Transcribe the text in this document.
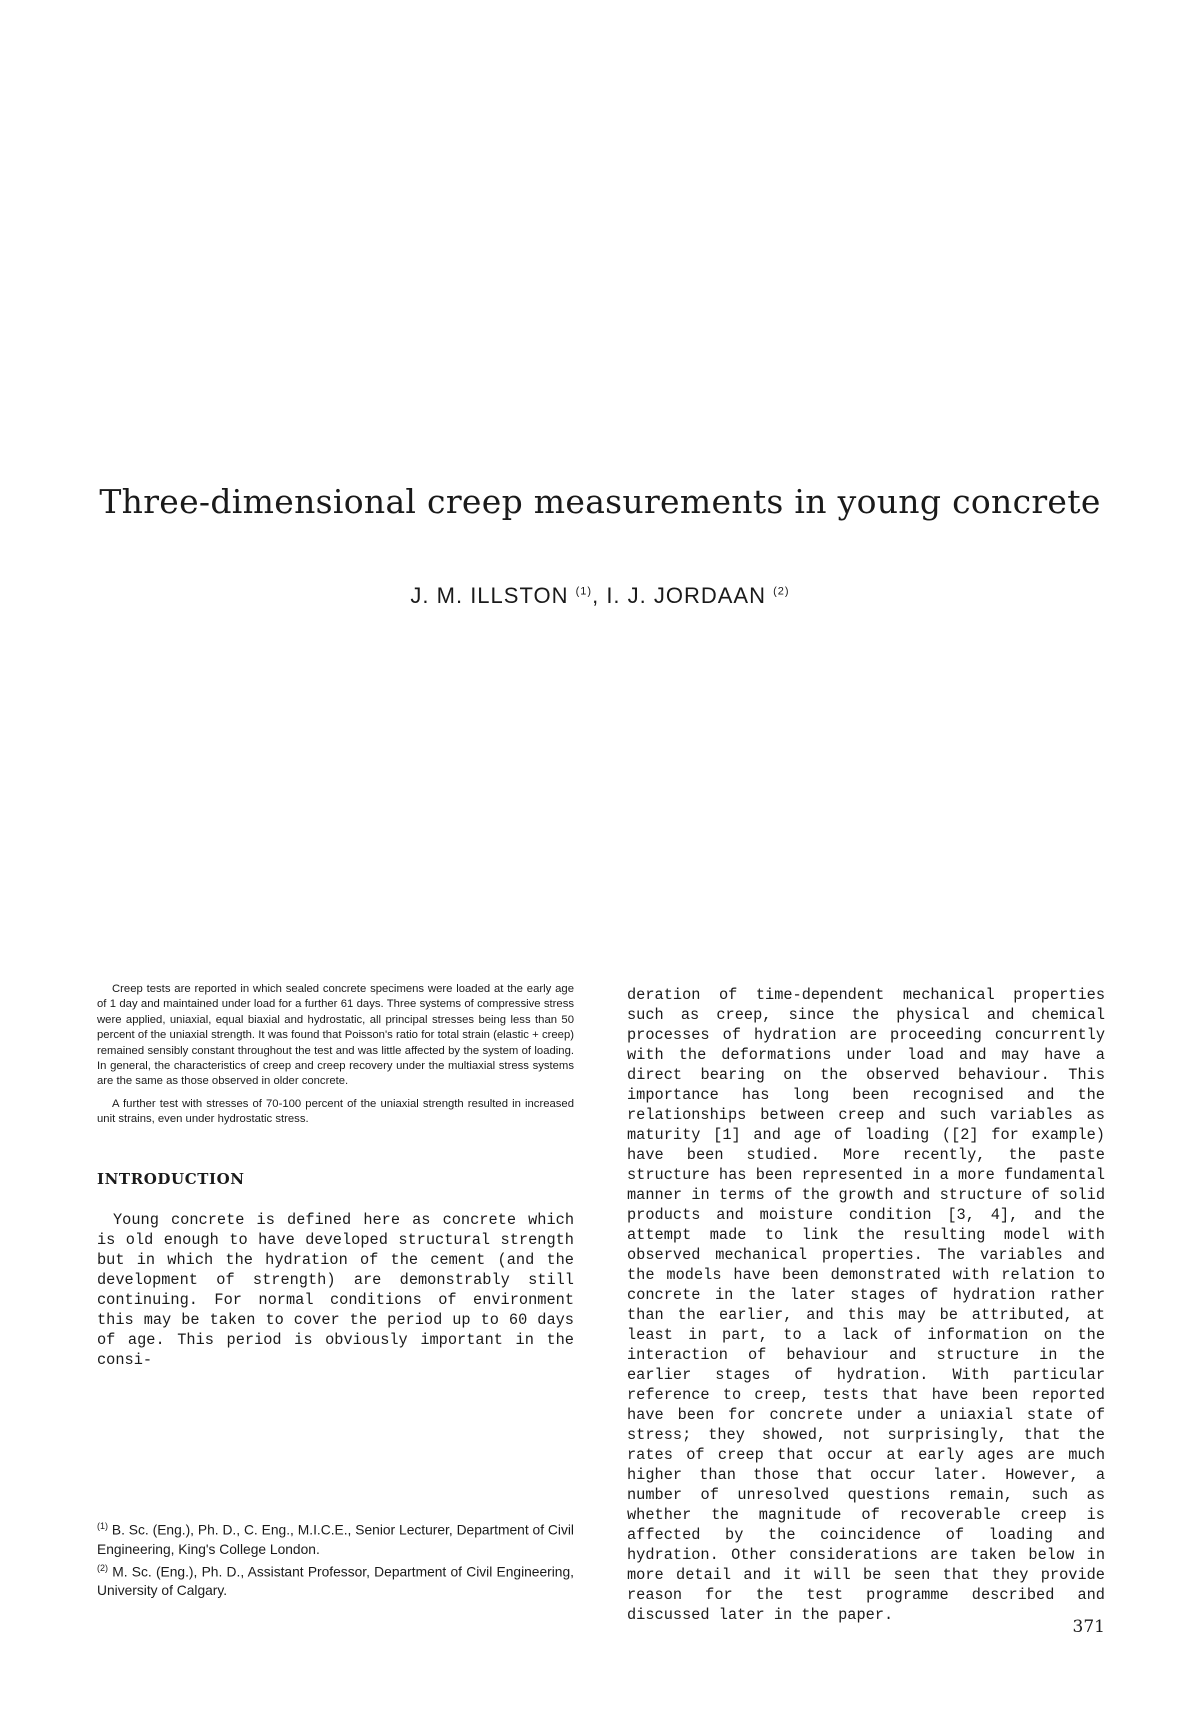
Three-dimensional creep measurements in young concrete

J. M. ILLSTON $^{(1)}$, I. J. JORDAAN $^{(2)}$

Creep tests are reported in which sealed concrete specimens were loaded at the early age of 1 day and maintained under load for a further 61 days. Three systems of compressive stress were applied, uniaxial, equal biaxial and hydrostatic, all principal stresses being less than 50 percent of the uniaxial strength. It was found that Poisson's ratio for total strain (elastic + creep) remained sensibly constant throughout the test and was little affected by the system of loading. In general, the characteristics of creep and creep recovery under the multiaxial stress systems are the same as those observed in older concrete.

A further test with stresses of 70-100 percent of the uniaxial strength resulted in increased unit strains, even under hydrostatic stress.

INTRODUCTION

Young concrete is defined here as concrete which is old enough to have developed structural strength but in which the hydration of the cement (and the development of strength) are demonstrably still continuing. For normal conditions of environment this may be taken to cover the period up to 60 days of age. This period is obviously important in the consi-

$^{(1)}$ B. Sc. (Eng.), Ph. D., C. Eng., M.I.C.E., Senior Lecturer, Department of Civil Engineering, King's College London.

$^{(2)}$ M. Sc. (Eng.), Ph. D., Assistant Professor, Department of Civil Engineering, University of Calgary.

deration of time-dependent mechanical properties such as creep, since the physical and chemical processes of hydration are proceeding concurrently with the deformations under load and may have a direct bearing on the observed behaviour. This importance has long been recognised and the relationships between creep and such variables as maturity [1] and age of loading ([2] for example) have been studied. More recently, the paste structure has been represented in a more fundamental manner in terms of the growth and structure of solid products and moisture condition [3, 4], and the attempt made to link the resulting model with observed mechanical properties. The variables and the models have been demonstrated with relation to concrete in the later stages of hydration rather than the earlier, and this may be attributed, at least in part, to a lack of information on the interaction of behaviour and structure in the earlier stages of hydration. With particular reference to creep, tests that have been reported have been for concrete under a uniaxial state of stress; they showed, not surprisingly, that the rates of creep that occur at early ages are much higher than those that occur later. However, a number of unresolved questions remain, such as whether the magnitude of recoverable creep is affected by the coincidence of loading and hydration. Other considerations are taken below in more detail and it will be seen that they provide reason for the test programme described and discussed later in the paper.

371
